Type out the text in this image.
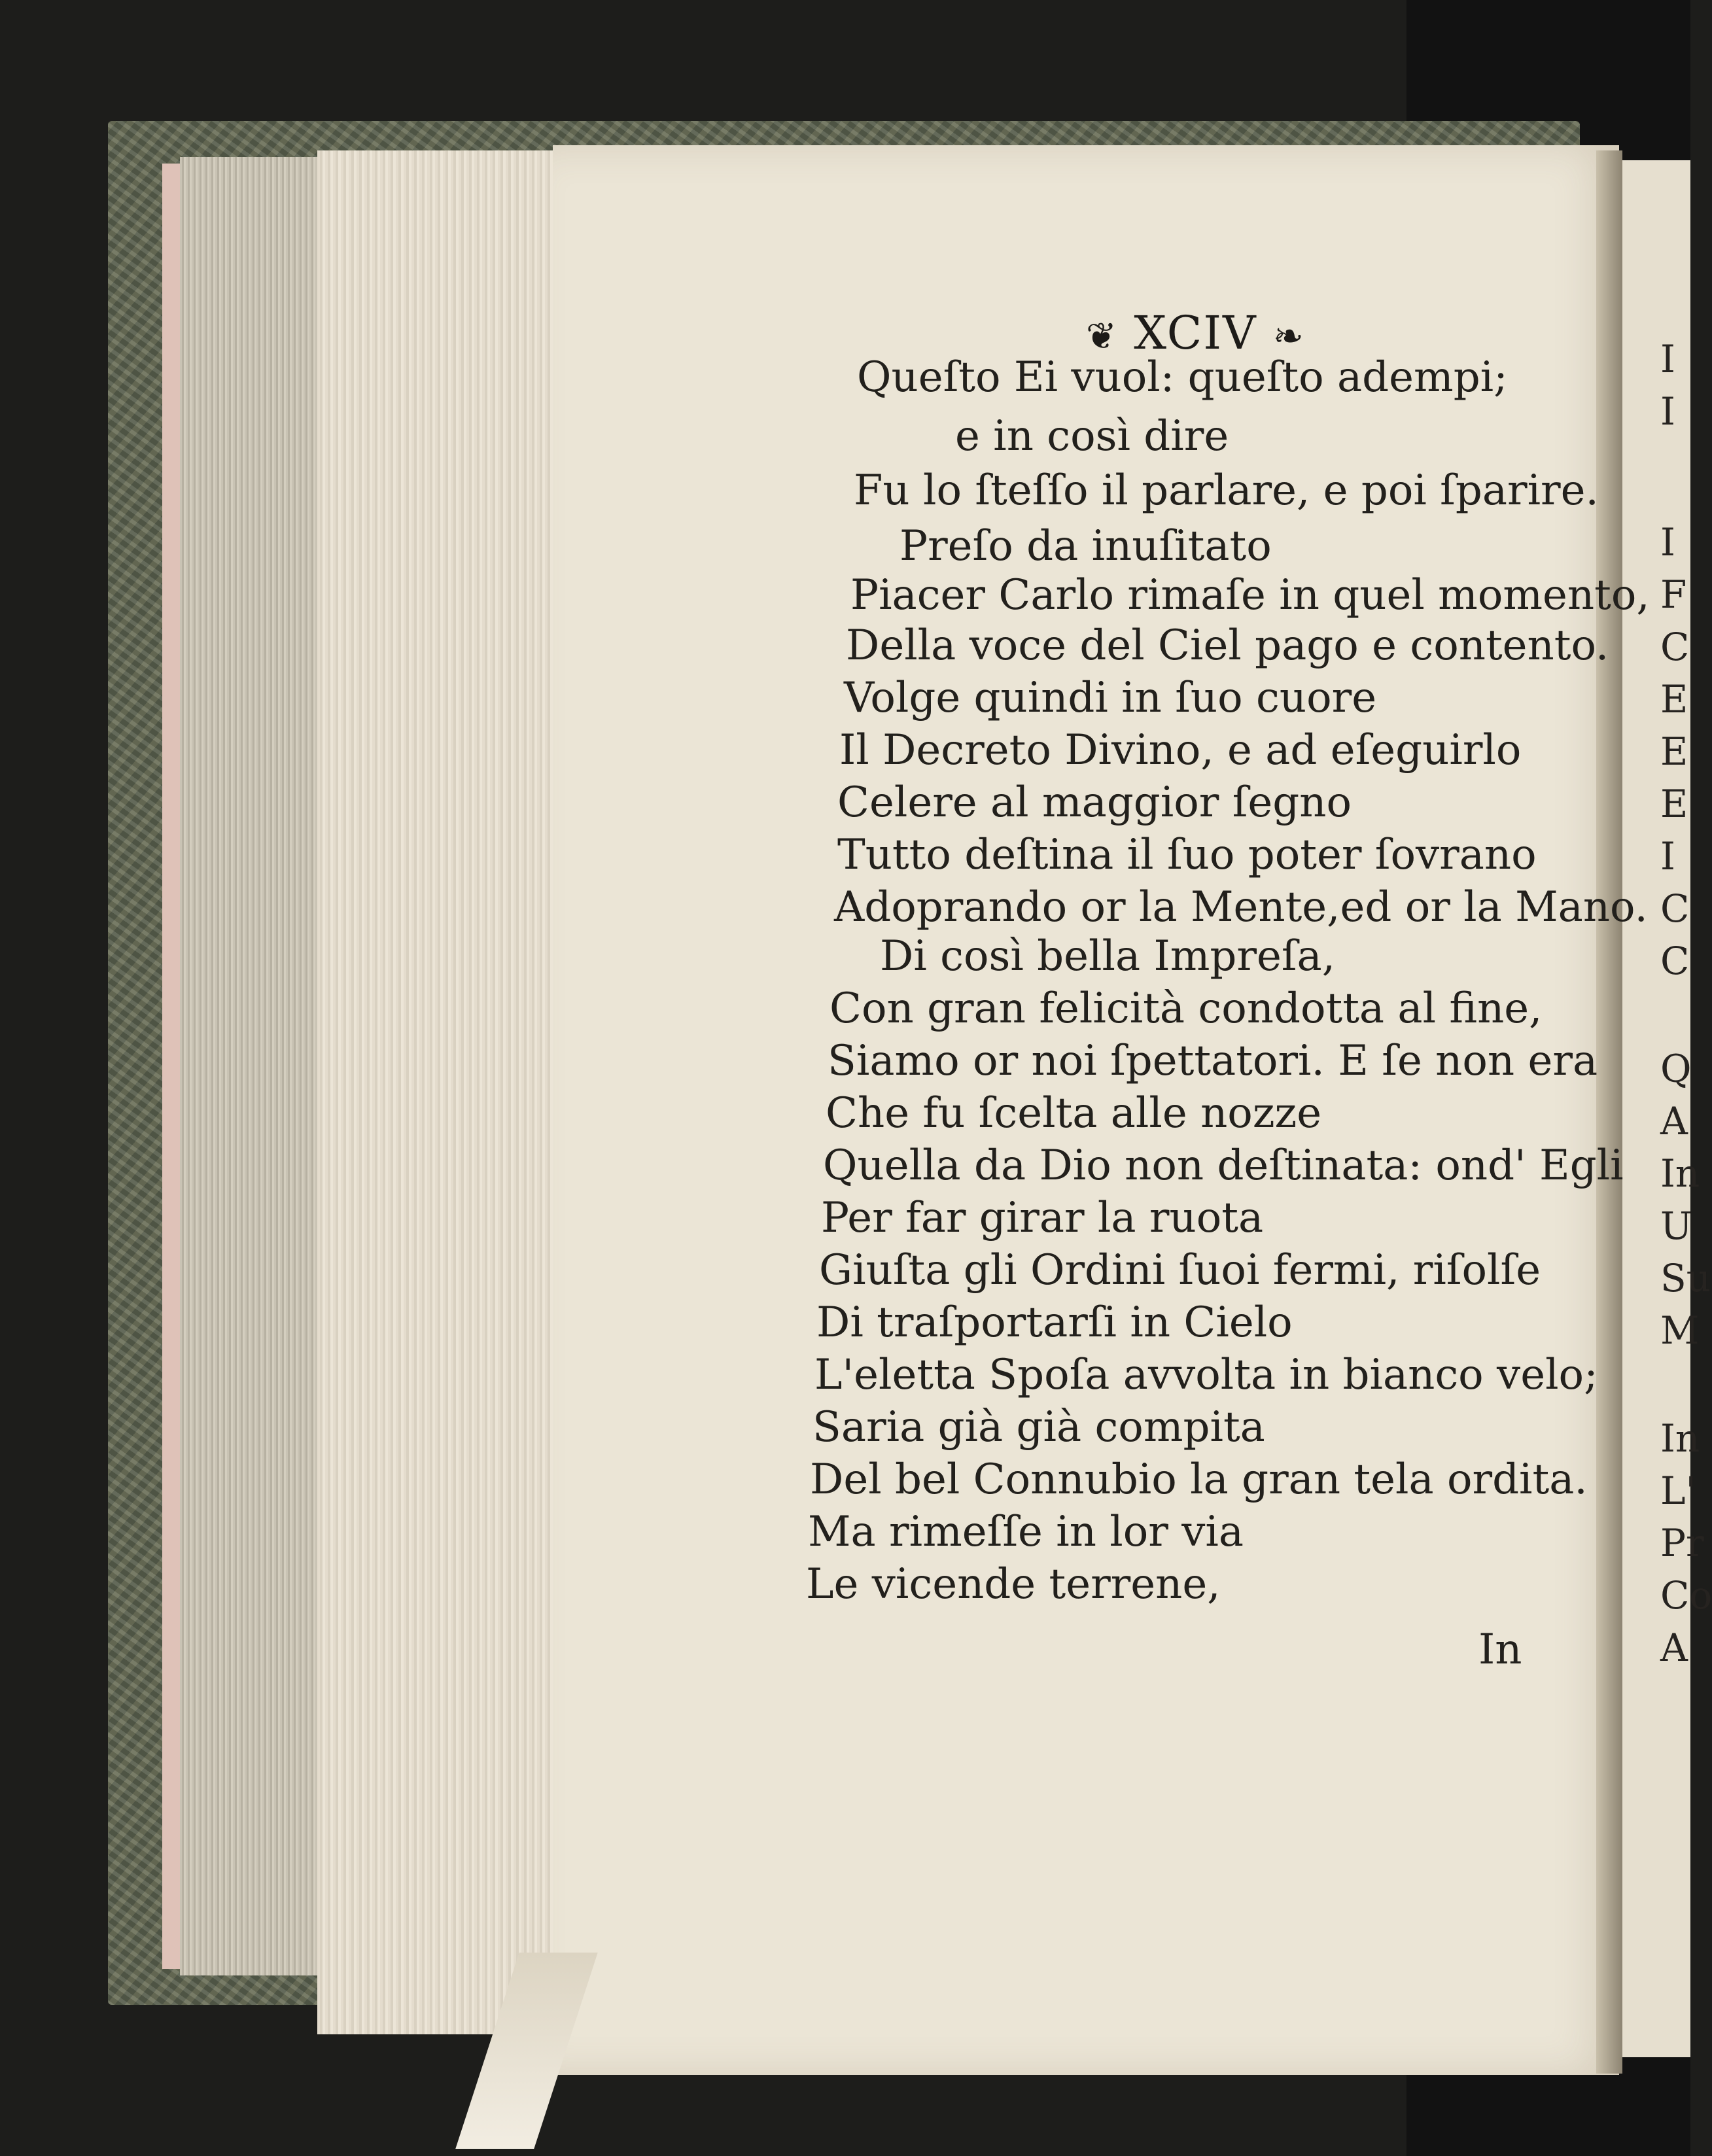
❦ XCIV ❧
Queſto Ei vuol: queſto adempi;
e in così dire
Fu lo ſteſſo il parlare, e poi ſparire.
Preſo da inuſitato
Piacer Carlo rimaſe in quel momento,
Della voce del Ciel pago e contento.
Volge quindi in ſuo cuore
Il Decreto Divino, e ad eſeguirlo
Celere al maggior ſegno
Tutto deſtina il ſuo poter ſovrano
Adoprando or la Mente,ed or la Mano.
Di così bella Impreſa,
Con gran felicità condotta al fine,
Siamo or noi ſpettatori. E ſe non era
Che fu ſcelta alle nozze
Quella da Dio non deſtinata: ond' Egli
Per far girar la ruota
Giuſta gli Ordini ſuoi fermi, riſolſe
Di traſportarſi in Cielo
L'eletta Spoſa avvolta in bianco velo;
Saria già già compita
Del bel Connubio la gran tela ordita.
Ma rimeſſe in lor via
Le vicende terrene,
In
I
I
I
F
C
E
E
E
I
C
C
Q
A
In
U
Su
M
In
L'
Pr
Co
A
